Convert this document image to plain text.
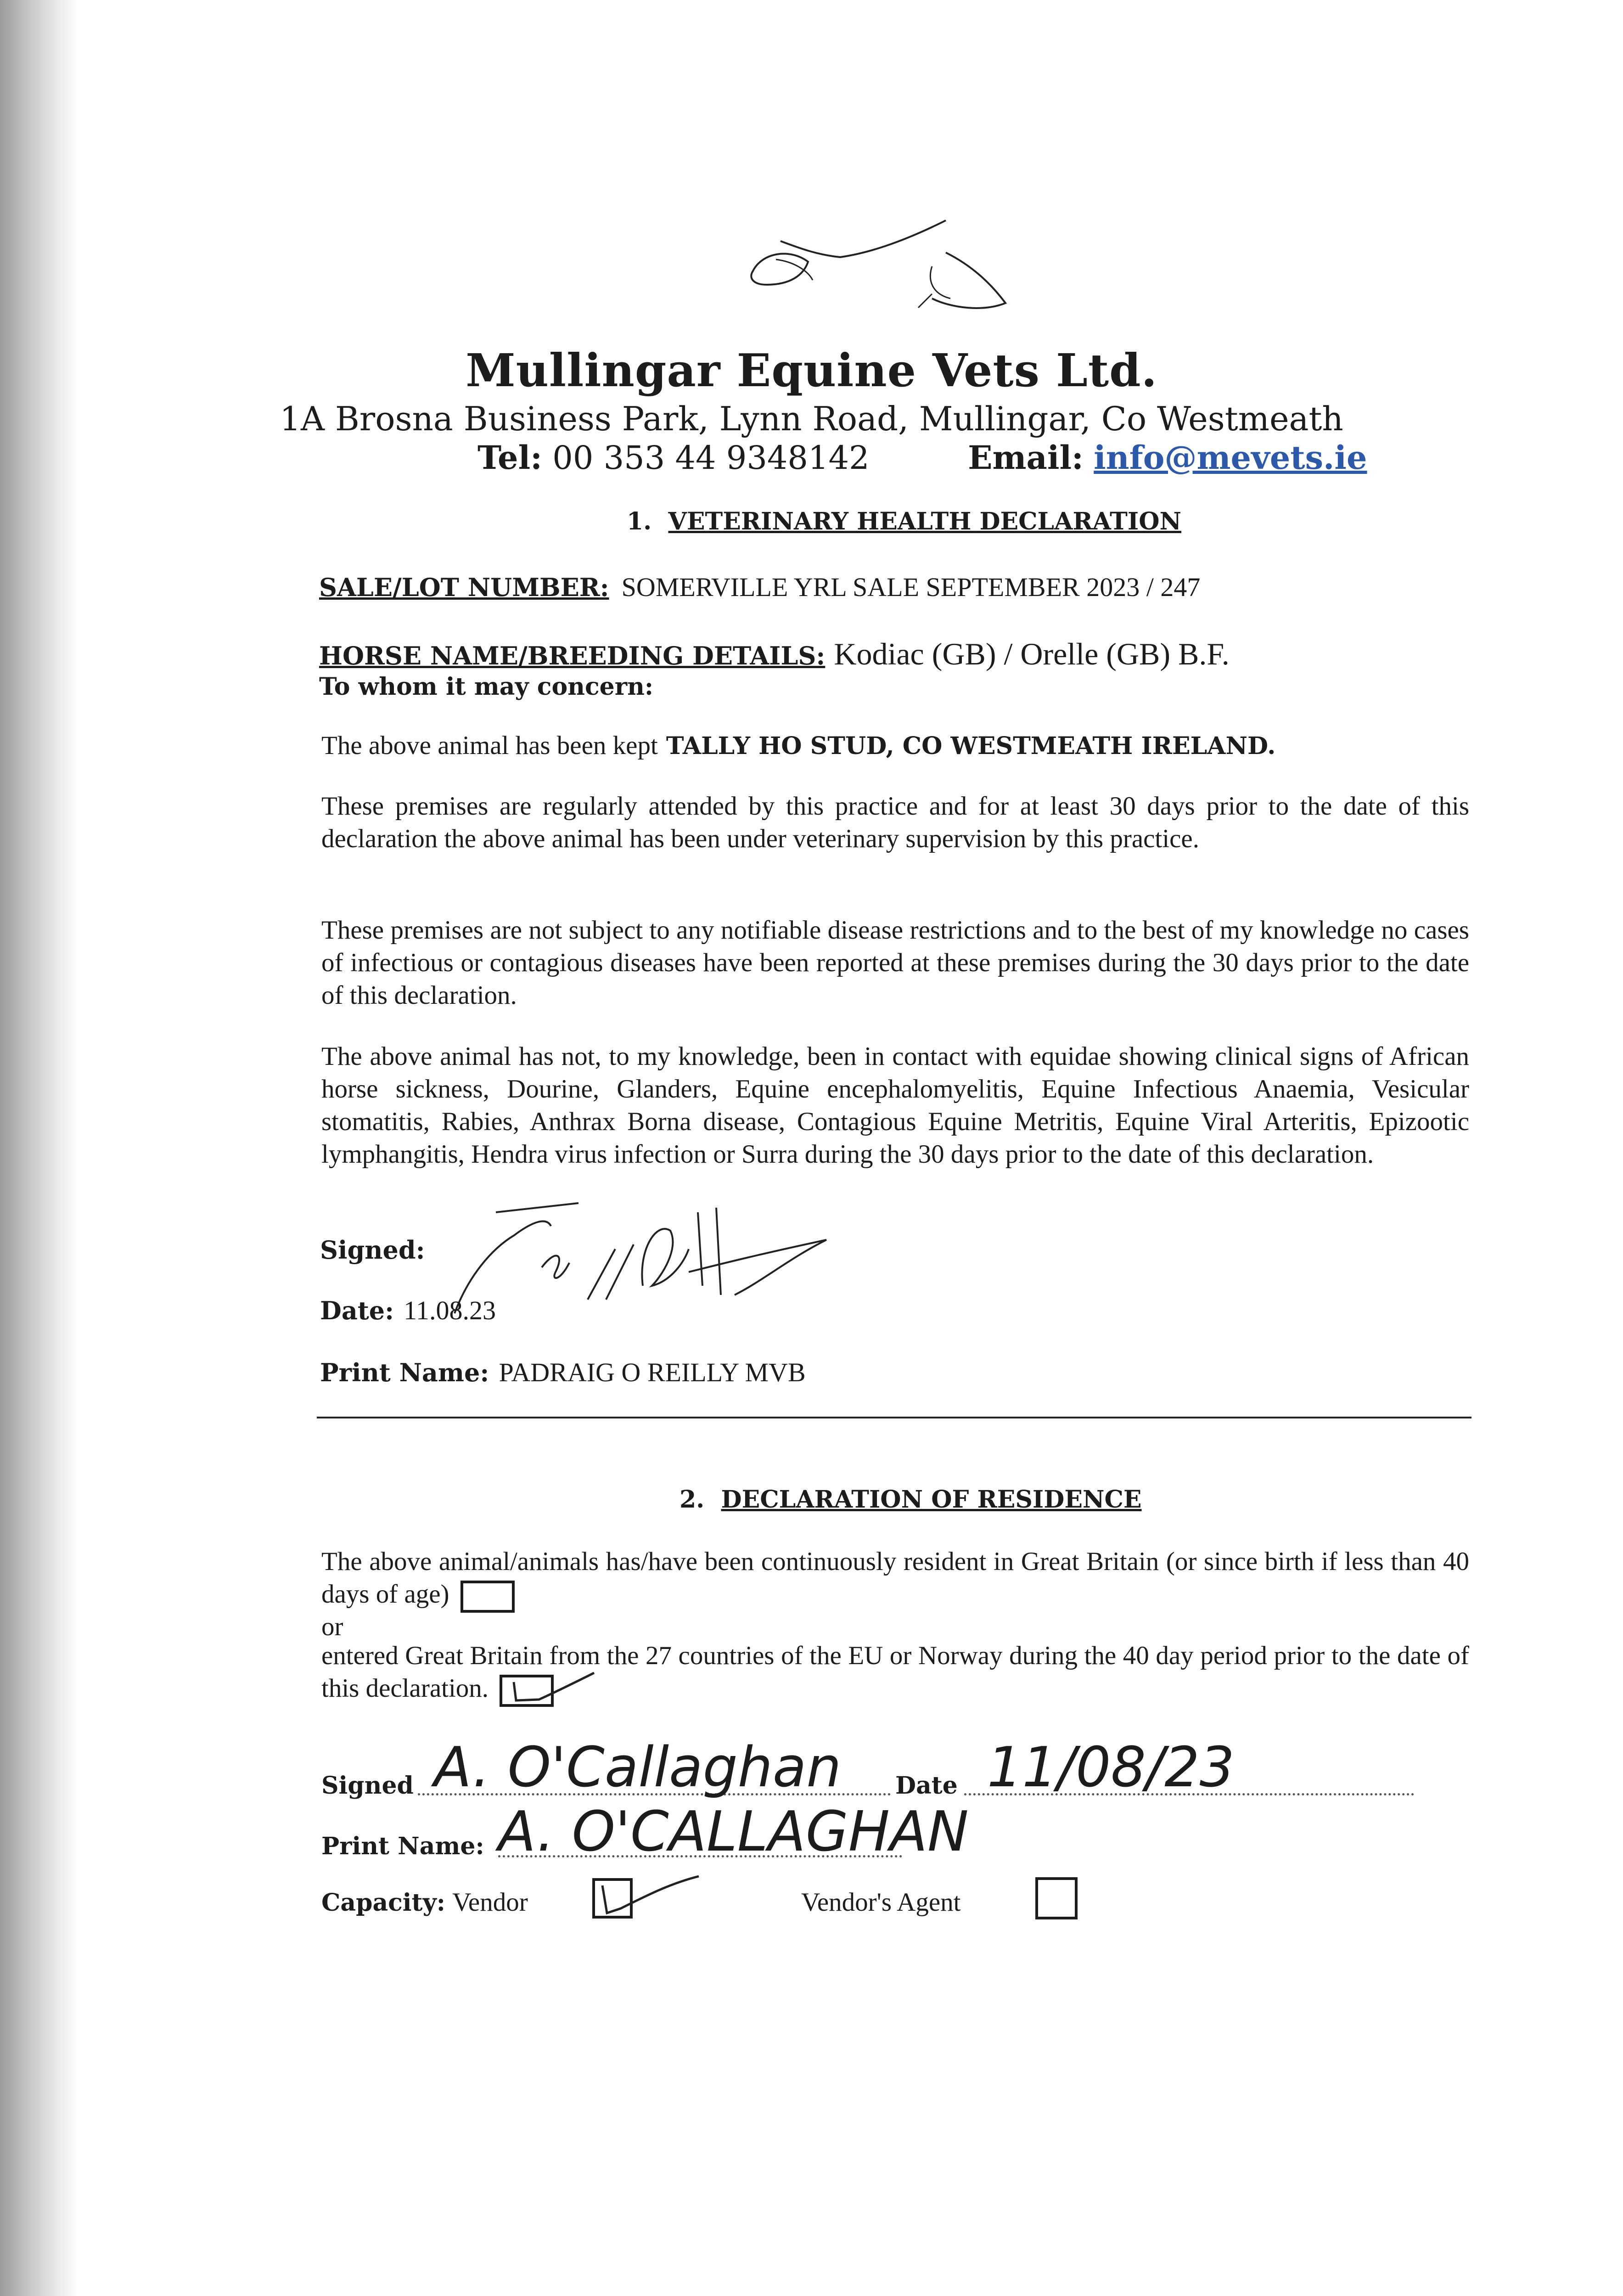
Mullingar Equine Vets Ltd.
1A Brosna Business Park, Lynn Road, Mullingar, Co Westmeath
Tel: 00 353 44 9348142	Email: info@mevets.ie
1. VETERINARY HEALTH DECLARATION
SALE/LOT NUMBER: SOMERVILLE YRL SALE SEPTEMBER 2023 / 247
HORSE NAME/BREEDING DETAILS: Kodiac (GB) / Orelle (GB) B.F.
To whom it may concern:
The above animal has been kept TALLY HO STUD, CO WESTMEATH IRELAND.
These premises are regularly attended by this practice and for at least 30 days prior to the date of this declaration the above animal has been under veterinary supervision by this practice.
These premises are not subject to any notifiable disease restrictions and to the best of my knowledge no cases of infectious or contagious diseases have been reported at these premises during the 30 days prior to the date of this declaration.
The above animal has not, to my knowledge, been in contact with equidae showing clinical signs of African horse sickness, Dourine, Glanders, Equine encephalomyelitis, Equine Infectious Anaemia, Vesicular stomatitis, Rabies, Anthrax Borna disease, Contagious Equine Metritis, Equine Viral Arteritis, Epizootic lymphangitis, Hendra virus infection or Surra during the 30 days prior to the date of this declaration.
Signed:
Date: 11.08.23
Print Name: PADRAIG O REILLY MVB
2. DECLARATION OF RESIDENCE
The above animal/animals has/have been continuously resident in Great Britain (or since birth if less than 40 days of age)
or
entered Great Britain from the 27 countries of the EU or Norway during the 40 day period prior to the date of this declaration.
Signed A. O'Callaghan Date 11/08/23
Print Name: A. O'CALLAGHAN
Capacity: Vendor	Vendor's Agent
